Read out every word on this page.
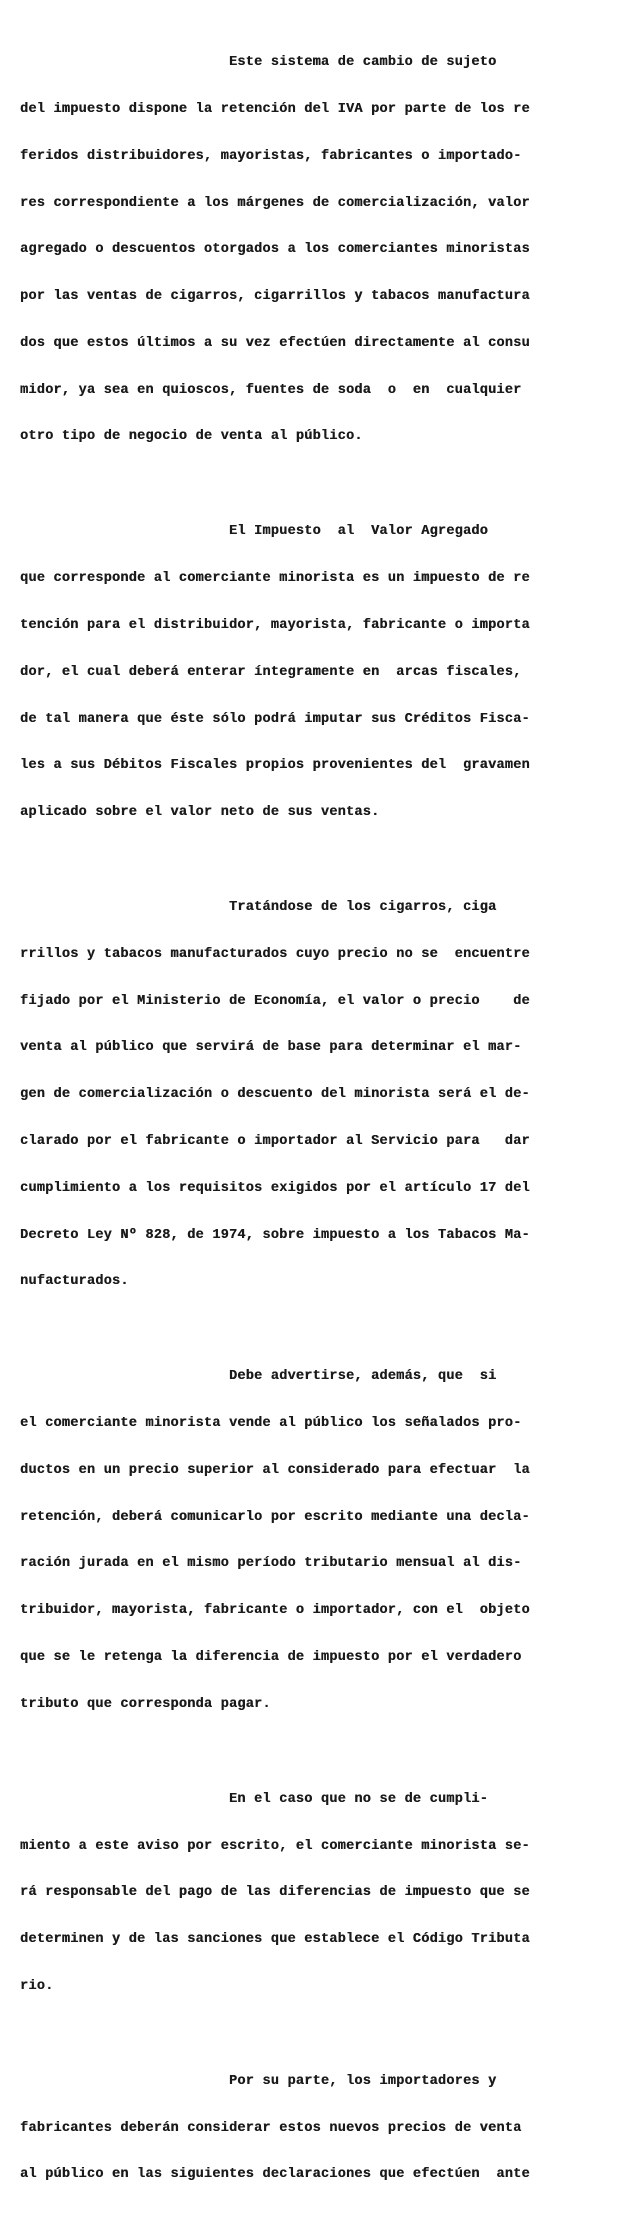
Este sistema de cambio de sujeto

del impuesto dispone la retención del IVA por parte de los re

feridos distribuidores, mayoristas, fabricantes o importado-

res correspondiente a los márgenes de comercialización, valor

agregado o descuentos otorgados a los comerciantes minoristas

por las ventas de cigarros, cigarrillos y tabacos manufactura

dos que estos últimos a su vez efectúen directamente al consu

midor, ya sea en quioscos, fuentes de soda  o  en  cualquier

otro tipo de negocio de venta al público.

El Impuesto  al  Valor Agregado

que corresponde al comerciante minorista es un impuesto de re

tención para el distribuidor, mayorista, fabricante o importa

dor, el cual deberá enterar íntegramente en  arcas fiscales,

de tal manera que éste sólo podrá imputar sus Créditos Fisca-

les a sus Débitos Fiscales propios provenientes del  gravamen

aplicado sobre el valor neto de sus ventas.

Tratándose de los cigarros, ciga

rrillos y tabacos manufacturados cuyo precio no se  encuentre

fijado por el Ministerio de Economía, el valor o precio    de

venta al público que servirá de base para determinar el mar-

gen de comercialización o descuento del minorista será el de-

clarado por el fabricante o importador al Servicio para   dar

cumplimiento a los requisitos exigidos por el artículo 17 del

Decreto Ley Nº 828, de 1974, sobre impuesto a los Tabacos Ma-

nufacturados.

Debe advertirse, además, que  si

el comerciante minorista vende al público los señalados pro-

ductos en un precio superior al considerado para efectuar  la

retención, deberá comunicarlo por escrito mediante una decla-

ración jurada en el mismo período tributario mensual al dis-

tribuidor, mayorista, fabricante o importador, con el  objeto

que se le retenga la diferencia de impuesto por el verdadero

tributo que corresponda pagar.

En el caso que no se de cumpli-

miento a este aviso por escrito, el comerciante minorista se-

rá responsable del pago de las diferencias de impuesto que se

determinen y de las sanciones que establece el Código Tributa

rio.

Por su parte, los importadores y

fabricantes deberán considerar estos nuevos precios de venta

al público en las siguientes declaraciones que efectúen  ante
